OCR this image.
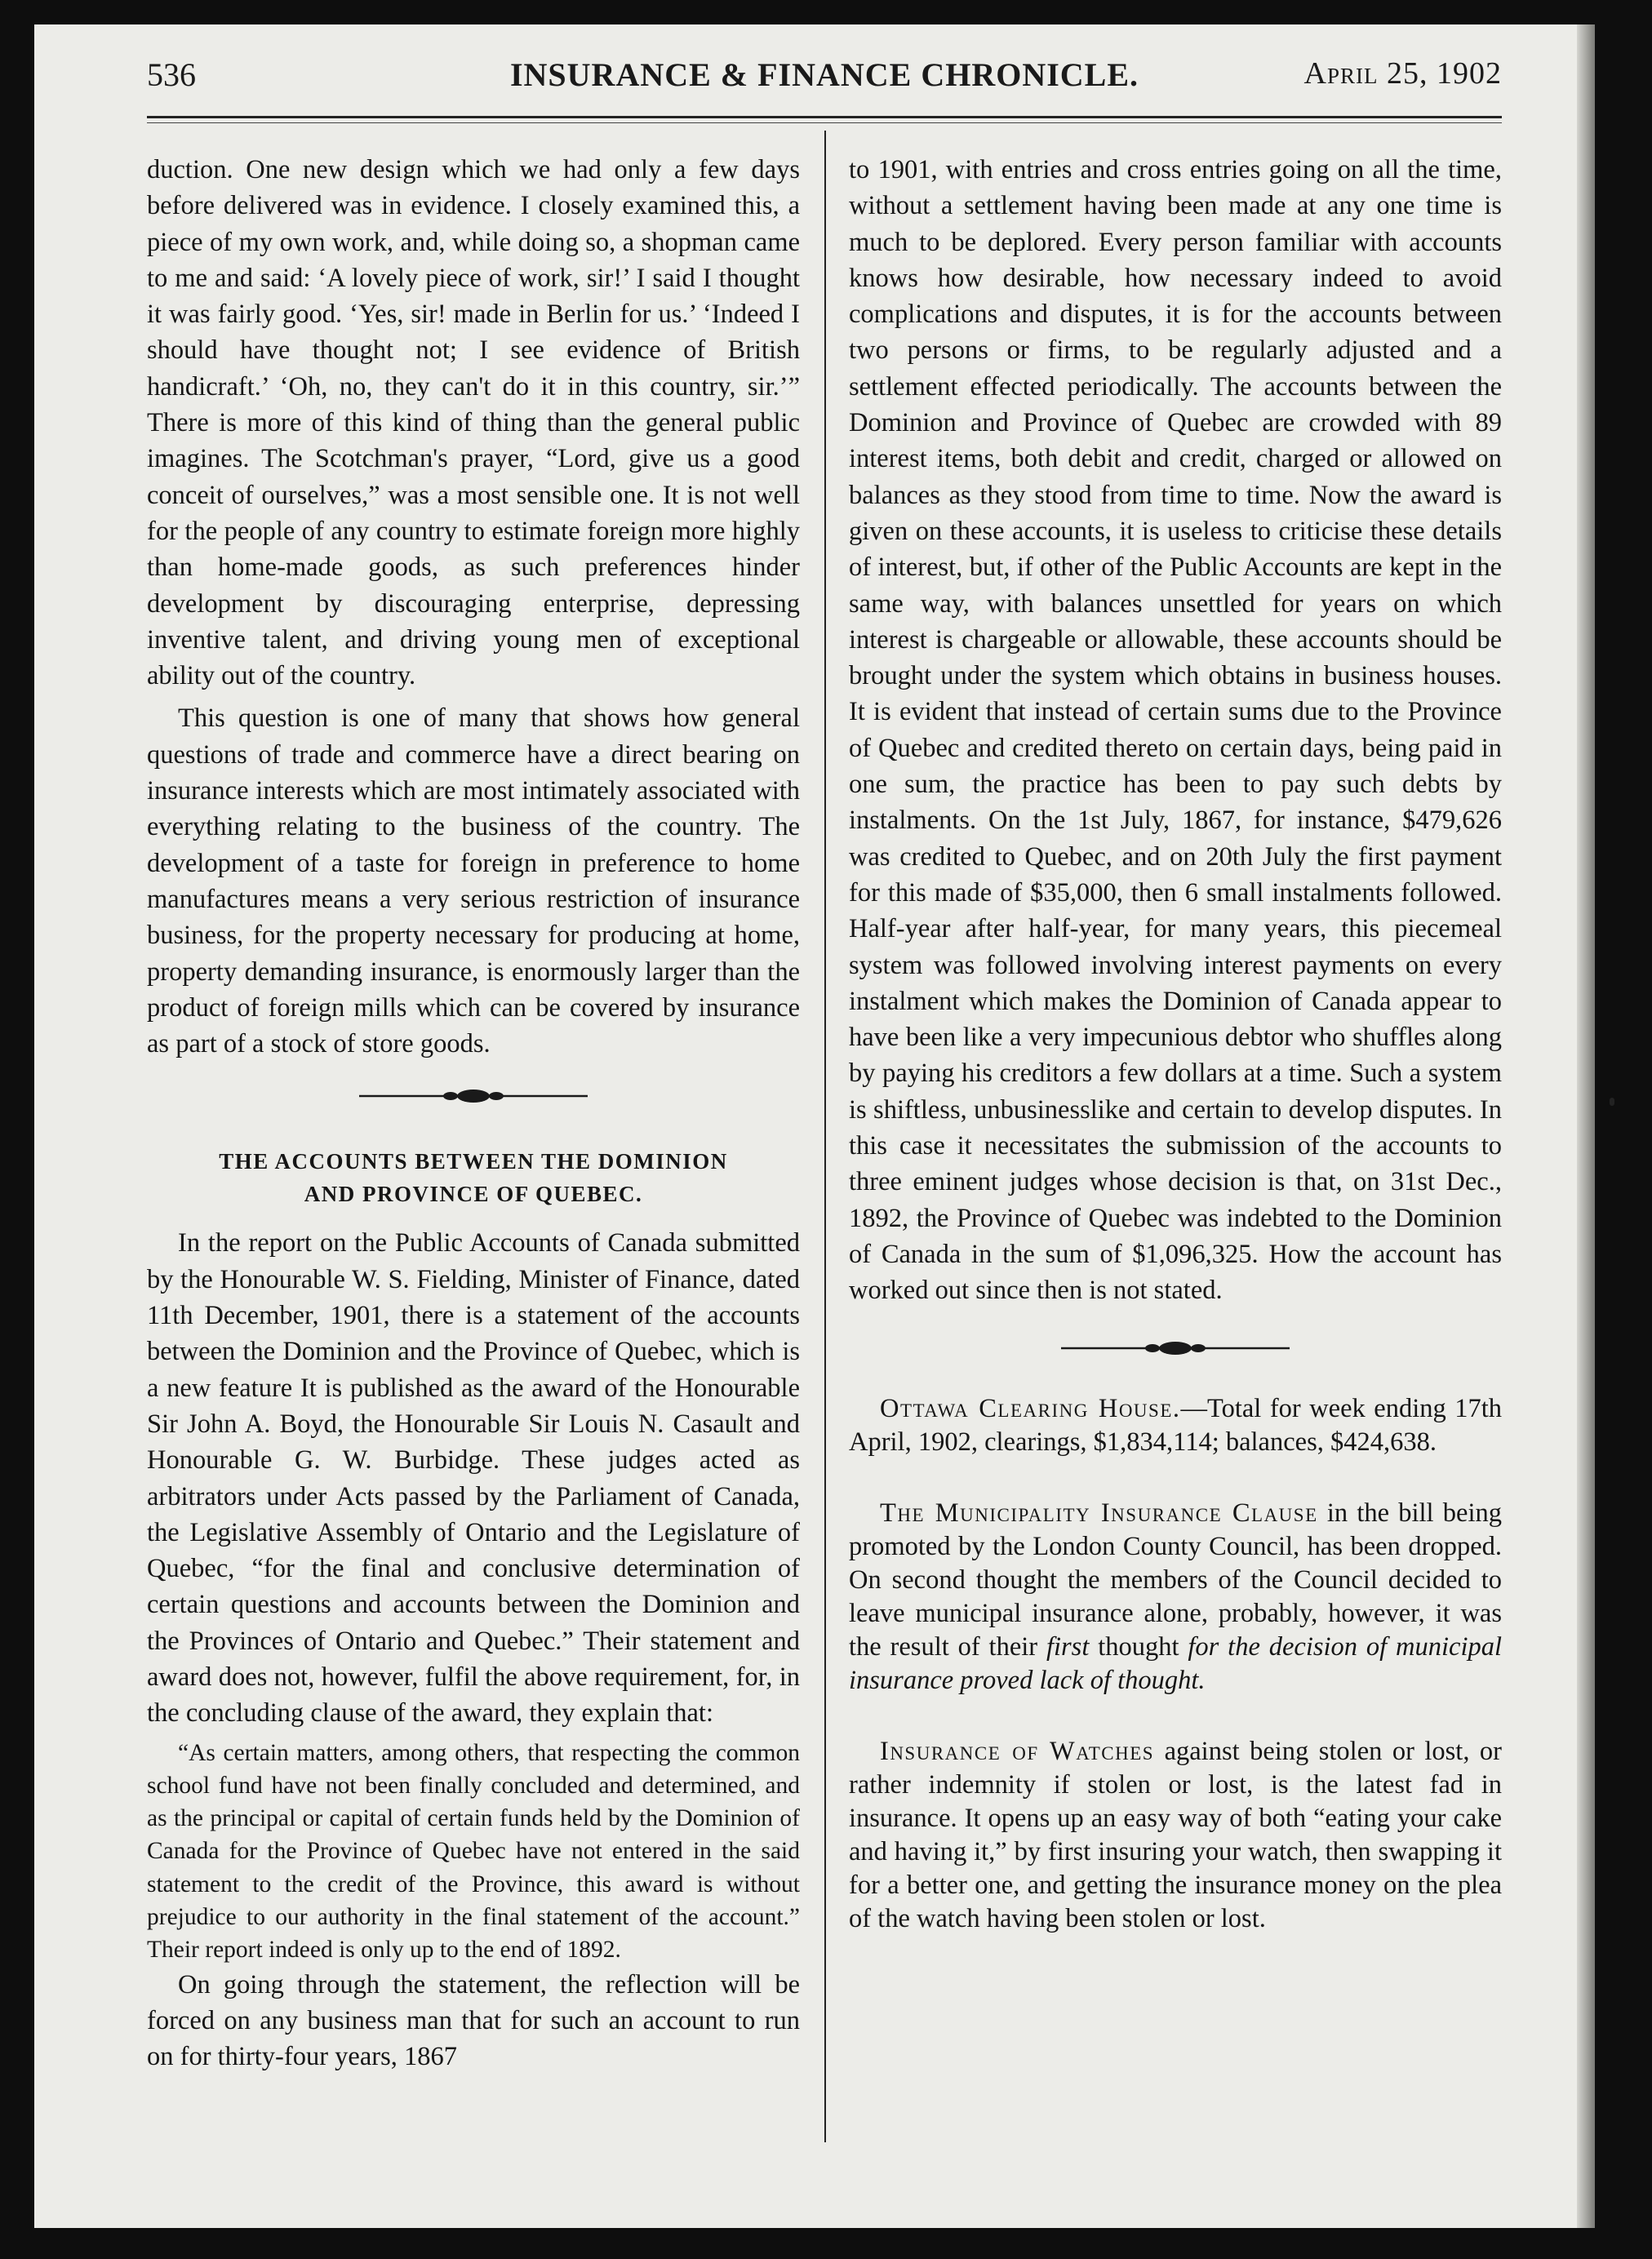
536	INSURANCE & FINANCE CHRONICLE.	April 25, 1902

duction. One new design which we had only a few days before delivered was in evidence. I closely examined this, a piece of my own work, and, while doing so, a shopman came to me and said: ‘A lovely piece of work, sir!’ I said I thought it was fairly good. ‘Yes, sir! made in Berlin for us.’ ‘Indeed I should have thought not; I see evidence of British handicraft.’ ‘Oh, no, they can't do it in this country, sir.’” There is more of this kind of thing than the general public imagines. The Scotchman's prayer, “Lord, give us a good conceit of ourselves,” was a most sensible one. It is not well for the people of any country to estimate foreign more highly than home-made goods, as such preferences hinder development by discouraging enterprise, depressing inventive talent, and driving young men of exceptional ability out of the country.

This question is one of many that shows how general questions of trade and commerce have a direct bearing on insurance interests which are most intimately associated with everything relating to the business of the country. The development of a taste for foreign in preference to home manufactures means a very serious restriction of insurance business, for the property necessary for producing at home, property demanding insurance, is enormously larger than the product of foreign mills which can be covered by insurance as part of a stock of store goods.

THE ACCOUNTS BETWEEN THE DOMINION
AND PROVINCE OF QUEBEC.

In the report on the Public Accounts of Canada submitted by the Honourable W. S. Fielding, Minister of Finance, dated 11th December, 1901, there is a statement of the accounts between the Dominion and the Province of Quebec, which is a new feature It is published as the award of the Honourable Sir John A. Boyd, the Honourable Sir Louis N. Casault and Honourable G. W. Burbidge. These judges acted as arbitrators under Acts passed by the Parliament of Canada, the Legislative Assembly of Ontario and the Legislature of Quebec, “for the final and conclusive determination of certain questions and accounts between the Dominion and the Provinces of Ontario and Quebec.” Their statement and award does not, however, fulfil the above requirement, for, in the concluding clause of the award, they explain that:

“As certain matters, among others, that respecting the common school fund have not been finally concluded and determined, and as the principal or capital of certain funds held by the Dominion of Canada for the Province of Quebec have not entered in the said statement to the credit of the Province, this award is without prejudice to our authority in the final statement of the account.” Their report indeed is only up to the end of 1892.

On going through the statement, the reflection will be forced on any business man that for such an account to run on for thirty-four years, 1867

to 1901, with entries and cross entries going on all the time, without a settlement having been made at any one time is much to be deplored. Every person familiar with accounts knows how desirable, how necessary indeed to avoid complications and disputes, it is for the accounts between two persons or firms, to be regularly adjusted and a settlement effected periodically. The accounts between the Dominion and Province of Quebec are crowded with 89 interest items, both debit and credit, charged or allowed on balances as they stood from time to time. Now the award is given on these accounts, it is useless to criticise these details of interest, but, if other of the Public Accounts are kept in the same way, with balances unsettled for years on which interest is chargeable or allowable, these accounts should be brought under the system which obtains in business houses. It is evident that instead of certain sums due to the Province of Quebec and credited thereto on certain days, being paid in one sum, the practice has been to pay such debts by instalments. On the 1st July, 1867, for instance, $479,626 was credited to Quebec, and on 20th July the first payment for this made of $35,000, then 6 small instalments followed. Half-year after half-year, for many years, this piecemeal system was followed involving interest payments on every instalment which makes the Dominion of Canada appear to have been like a very impecunious debtor who shuffles along by paying his creditors a few dollars at a time. Such a system is shiftless, unbusinesslike and certain to develop disputes. In this case it necessitates the submission of the accounts to three eminent judges whose decision is that, on 31st Dec., 1892, the Province of Quebec was indebted to the Dominion of Canada in the sum of $1,096,325. How the account has worked out since then is not stated.

Ottawa Clearing House.—Total for week ending 17th April, 1902, clearings, $1,834,114; balances, $424,638.

The Municipality Insurance Clause in the bill being promoted by the London County Council, has been dropped. On second thought the members of the Council decided to leave municipal insurance alone, probably, however, it was the result of their first thought for the decision of municipal insurance proved lack of thought.

Insurance of Watches against being stolen or lost, or rather indemnity if stolen or lost, is the latest fad in insurance. It opens up an easy way of both “eating your cake and having it,” by first insuring your watch, then swapping it for a better one, and getting the insurance money on the plea of the watch having been stolen or lost.
